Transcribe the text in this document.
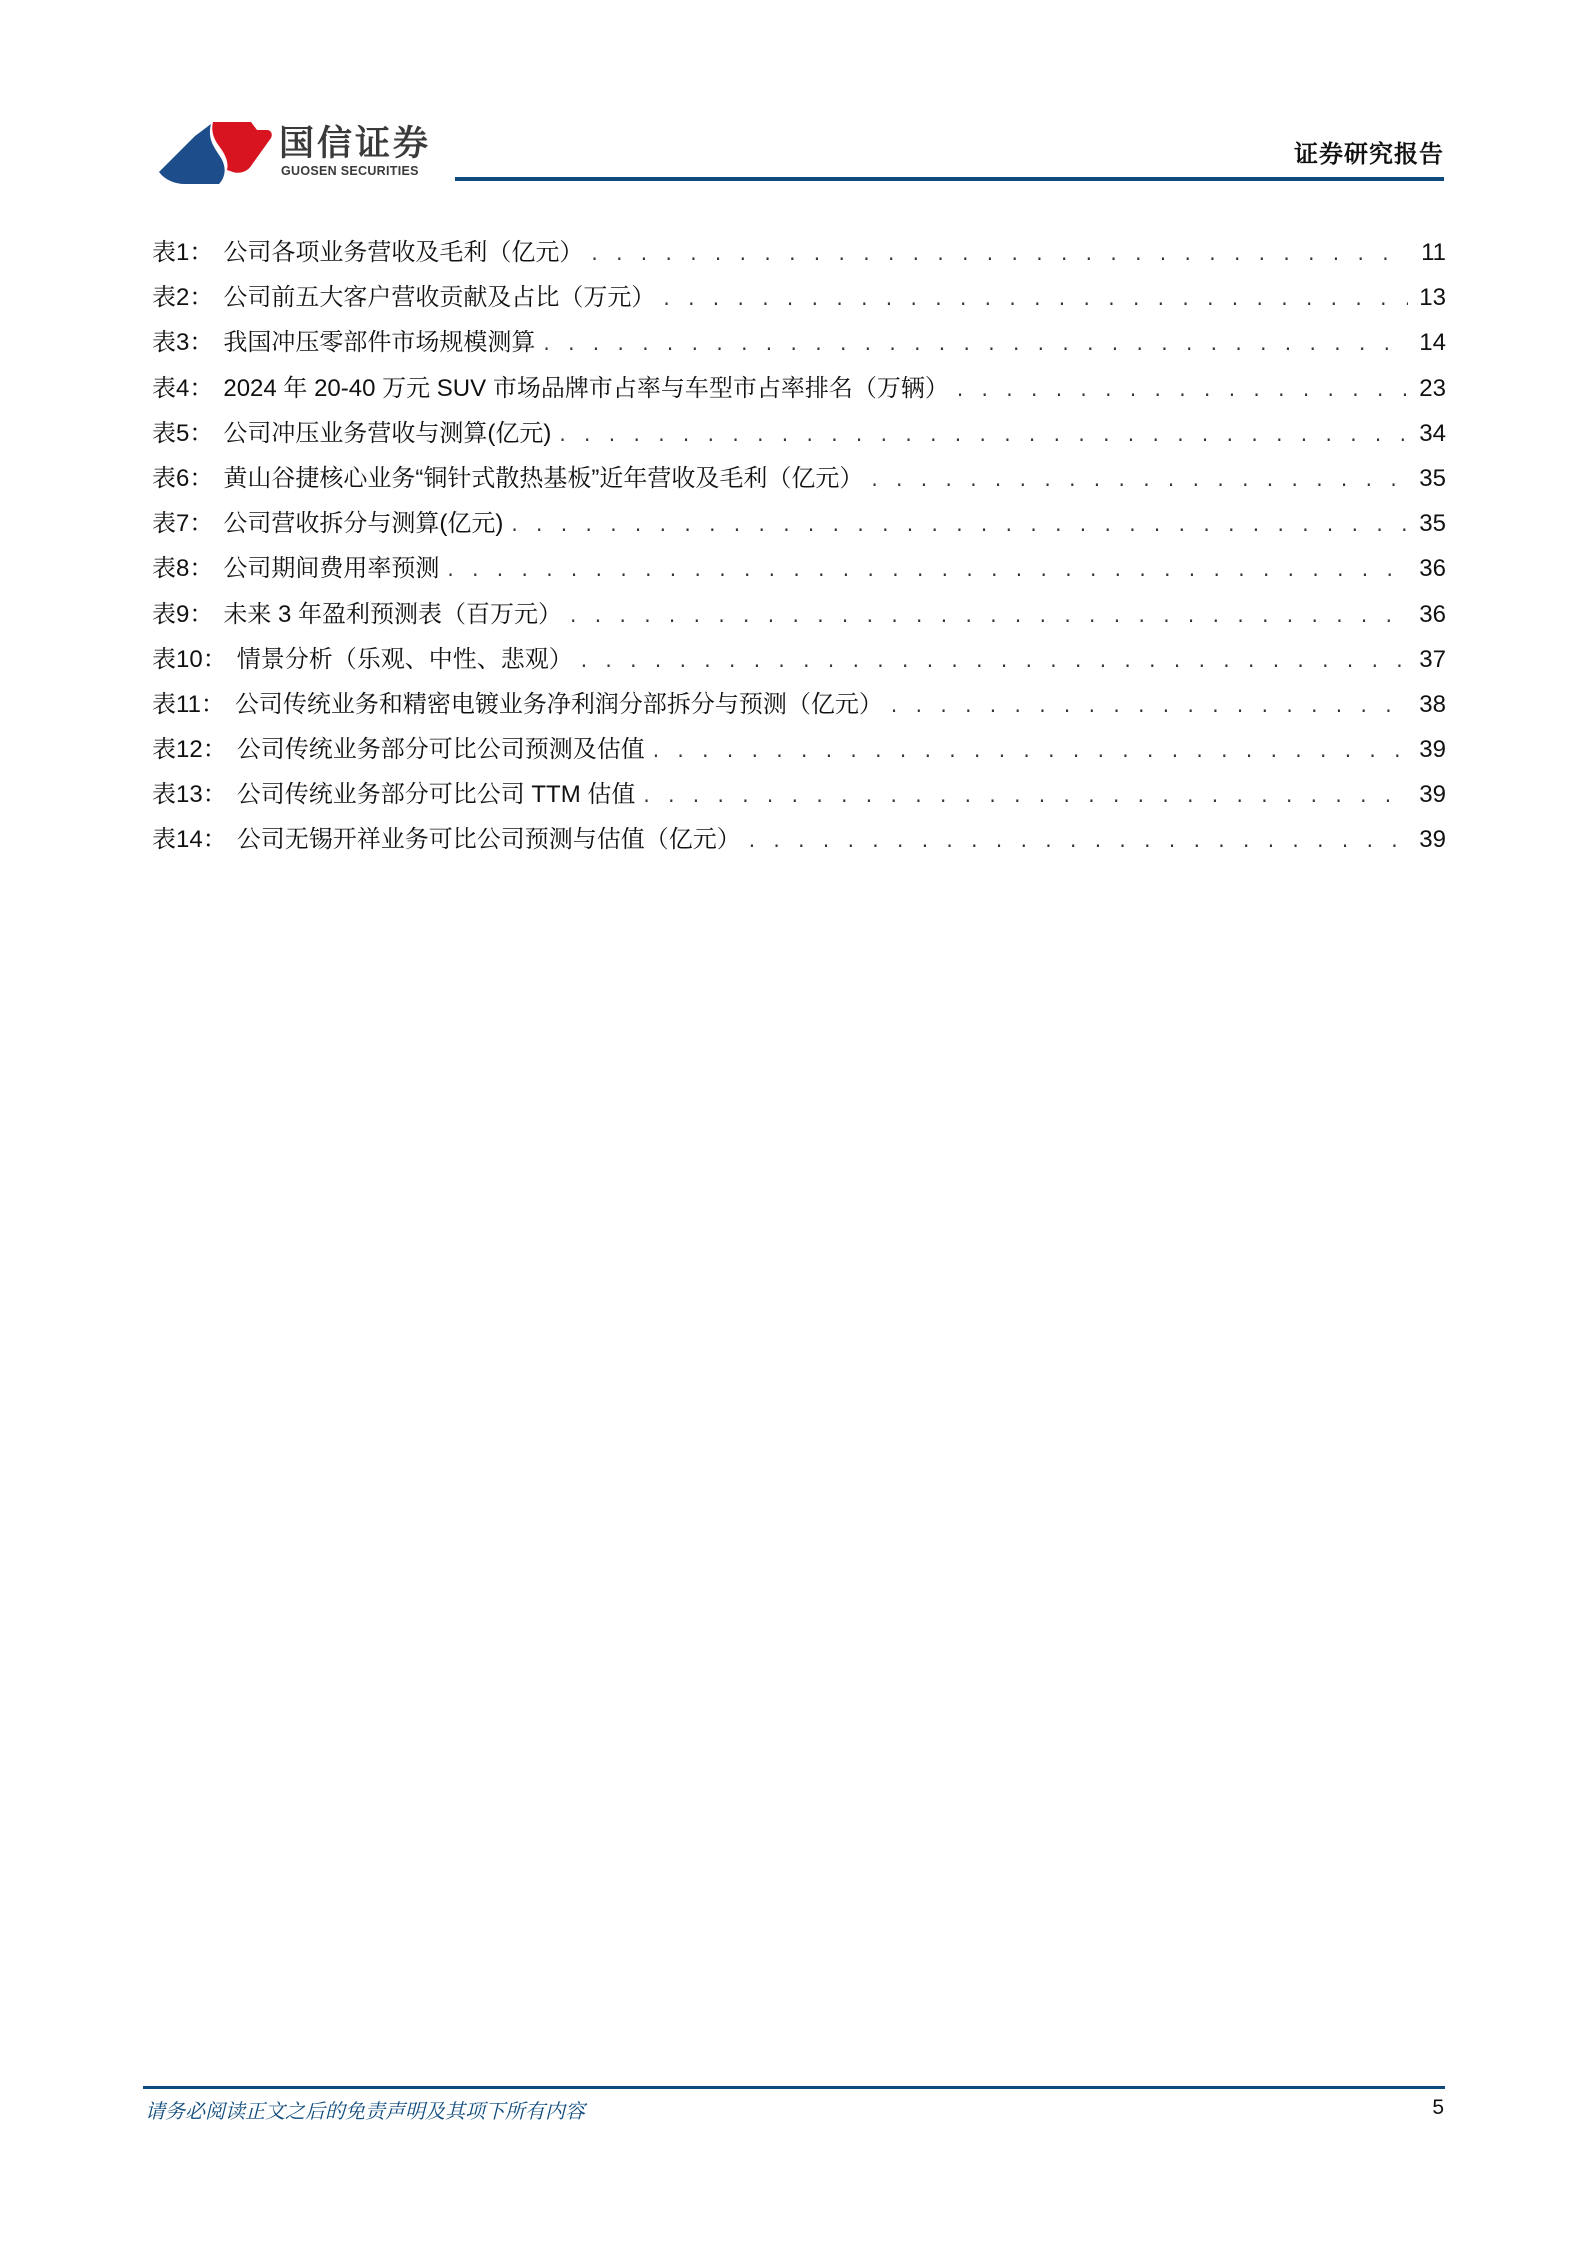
国信证券
GUOSEN SECURITIES
证券研究报告
表1： 公司各项业务营收及毛利（亿元） . . .	11
表2： 公司前五大客户营收贡献及占比（万元） . . .	13
表3： 我国冲压零部件市场规模测算 . . .	14
表4： 2024 年 20-40 万元 SUV 市场品牌市占率与车型市占率排名（万辆） . . .	23
表5： 公司冲压业务营收与测算(亿元) . . .	34
表6： 黄山谷捷核心业务“铜针式散热基板”近年营收及毛利（亿元） . . .	35
表7： 公司营收拆分与测算(亿元) . . .	35
表8： 公司期间费用率预测 . . .	36
表9： 未来 3 年盈利预测表（百万元） . . .	36
表10： 情景分析（乐观、中性、悲观） . . .	37
表11： 公司传统业务和精密电镀业务净利润分部拆分与预测（亿元） . . .	38
表12： 公司传统业务部分可比公司预测及估值 . . .	39
表13： 公司传统业务部分可比公司 TTM 估值 . . .	39
表14： 公司无锡开祥业务可比公司预测与估值（亿元） . . .	39
请务必阅读正文之后的免责声明及其项下所有内容	5
